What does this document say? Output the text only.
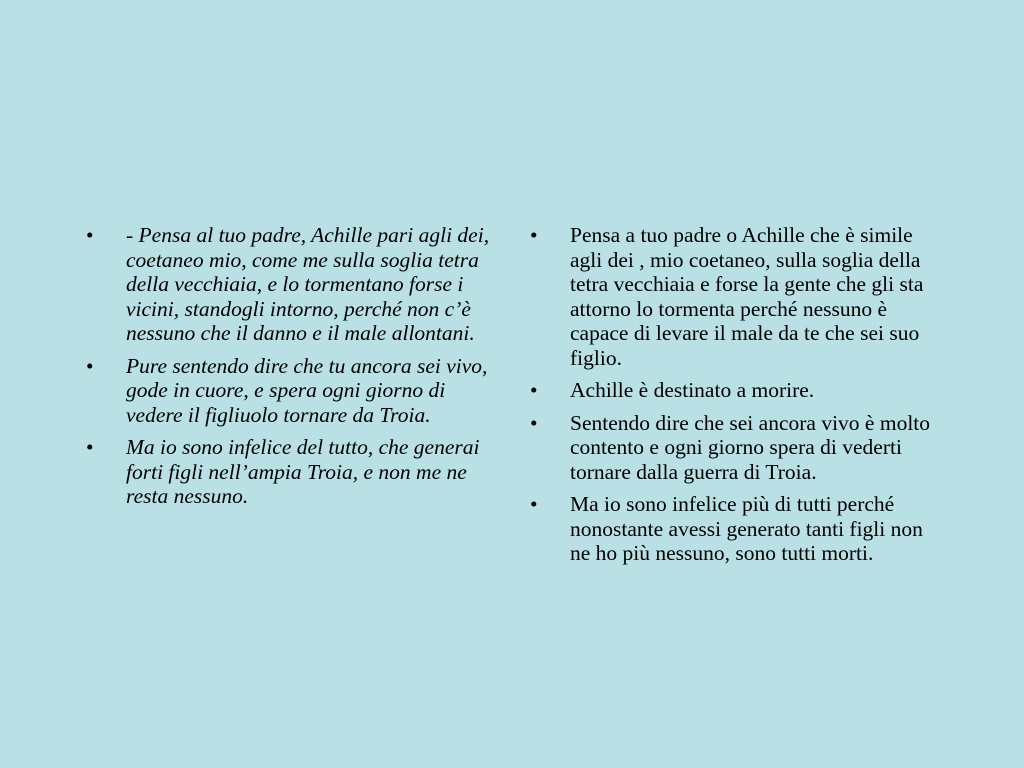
•	- Pensa al tuo padre, Achille pari agli dei, coetaneo mio, come me sulla soglia tetra della vecchiaia, e lo tormentano forse i vicini, standogli intorno, perché non c’è nessuno che il danno e il male allontani.
•	Pure sentendo dire che tu ancora sei vivo, gode in cuore, e spera ogni giorno di vedere il figliuolo tornare da Troia.
•	Ma io sono infelice del tutto, che generai forti figli nell’ampia Troia, e non me ne resta nessuno.
•	Pensa a tuo padre o Achille che è simile agli dei , mio coetaneo, sulla soglia della tetra vecchiaia e forse la gente che gli sta attorno lo tormenta perché nessuno è capace di levare il male da te che sei suo figlio.
•	Achille è destinato a morire.
•	Sentendo dire che sei ancora vivo è molto contento e ogni giorno spera di vederti tornare dalla guerra di Troia.
•	Ma io sono infelice più di tutti perché nonostante avessi generato tanti figli non ne ho più nessuno, sono tutti morti.
